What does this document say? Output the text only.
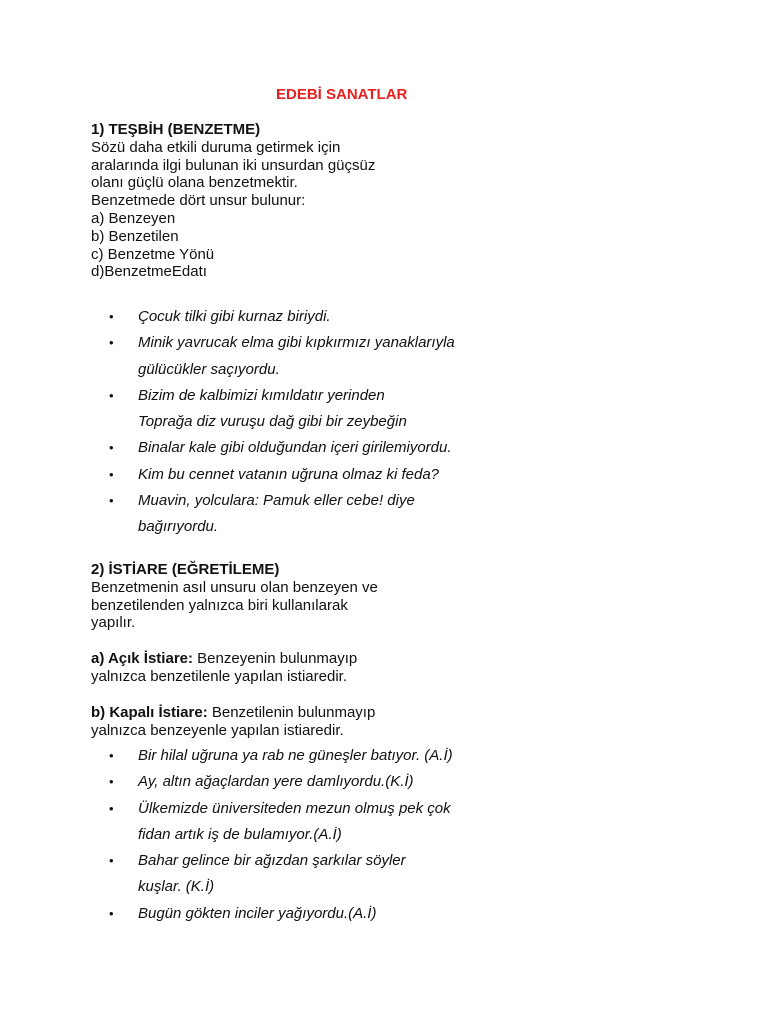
EDEBİ SANATLAR

1) TEŞBİH (BENZETME)

Sözü daha etkili duruma getirmek için

aralarında ilgi bulunan iki unsurdan güçsüz

olanı güçlü olana benzetmektir.

Benzetmede dört unsur bulunur:

a) Benzeyen

b) Benzetilen

c) Benzetme Yönü

d)BenzetmeEdatı

• Çocuk tilki gibi kurnaz biriydi.
• Minik yavrucak elma gibi kıpkırmızı yanaklarıyla
gülücükler saçıyordu.
• Bizim de kalbimizi kımıldatır yerinden
Toprağa diz vuruşu dağ gibi bir zeybeğin
• Binalar kale gibi olduğundan içeri girilemiyordu.
• Kim bu cennet vatanın uğruna olmaz ki feda?
• Muavin, yolculara: Pamuk eller cebe! diye
bağırıyordu.

2) İSTİARE (EĞRETİLEME)

Benzetmenin asıl unsuru olan benzeyen ve

benzetilenden yalnızca biri kullanılarak

yapılır.

a) Açık İstiare: Benzeyenin bulunmayıp

yalnızca benzetilenle yapılan istiaredir.

b) Kapalı İstiare: Benzetilenin bulunmayıp

yalnızca benzeyenle yapılan istiaredir.

• Bir hilal uğruna ya rab ne güneşler batıyor. (A.İ)
• Ay, altın ağaçlardan yere damlıyordu.(K.İ)
• Ülkemizde üniversiteden mezun olmuş pek çok
fidan artık iş de bulamıyor.(A.İ)
• Bahar gelince bir ağızdan şarkılar söyler
kuşlar. (K.İ)
• Bugün gökten inciler yağıyordu.(A.İ)
